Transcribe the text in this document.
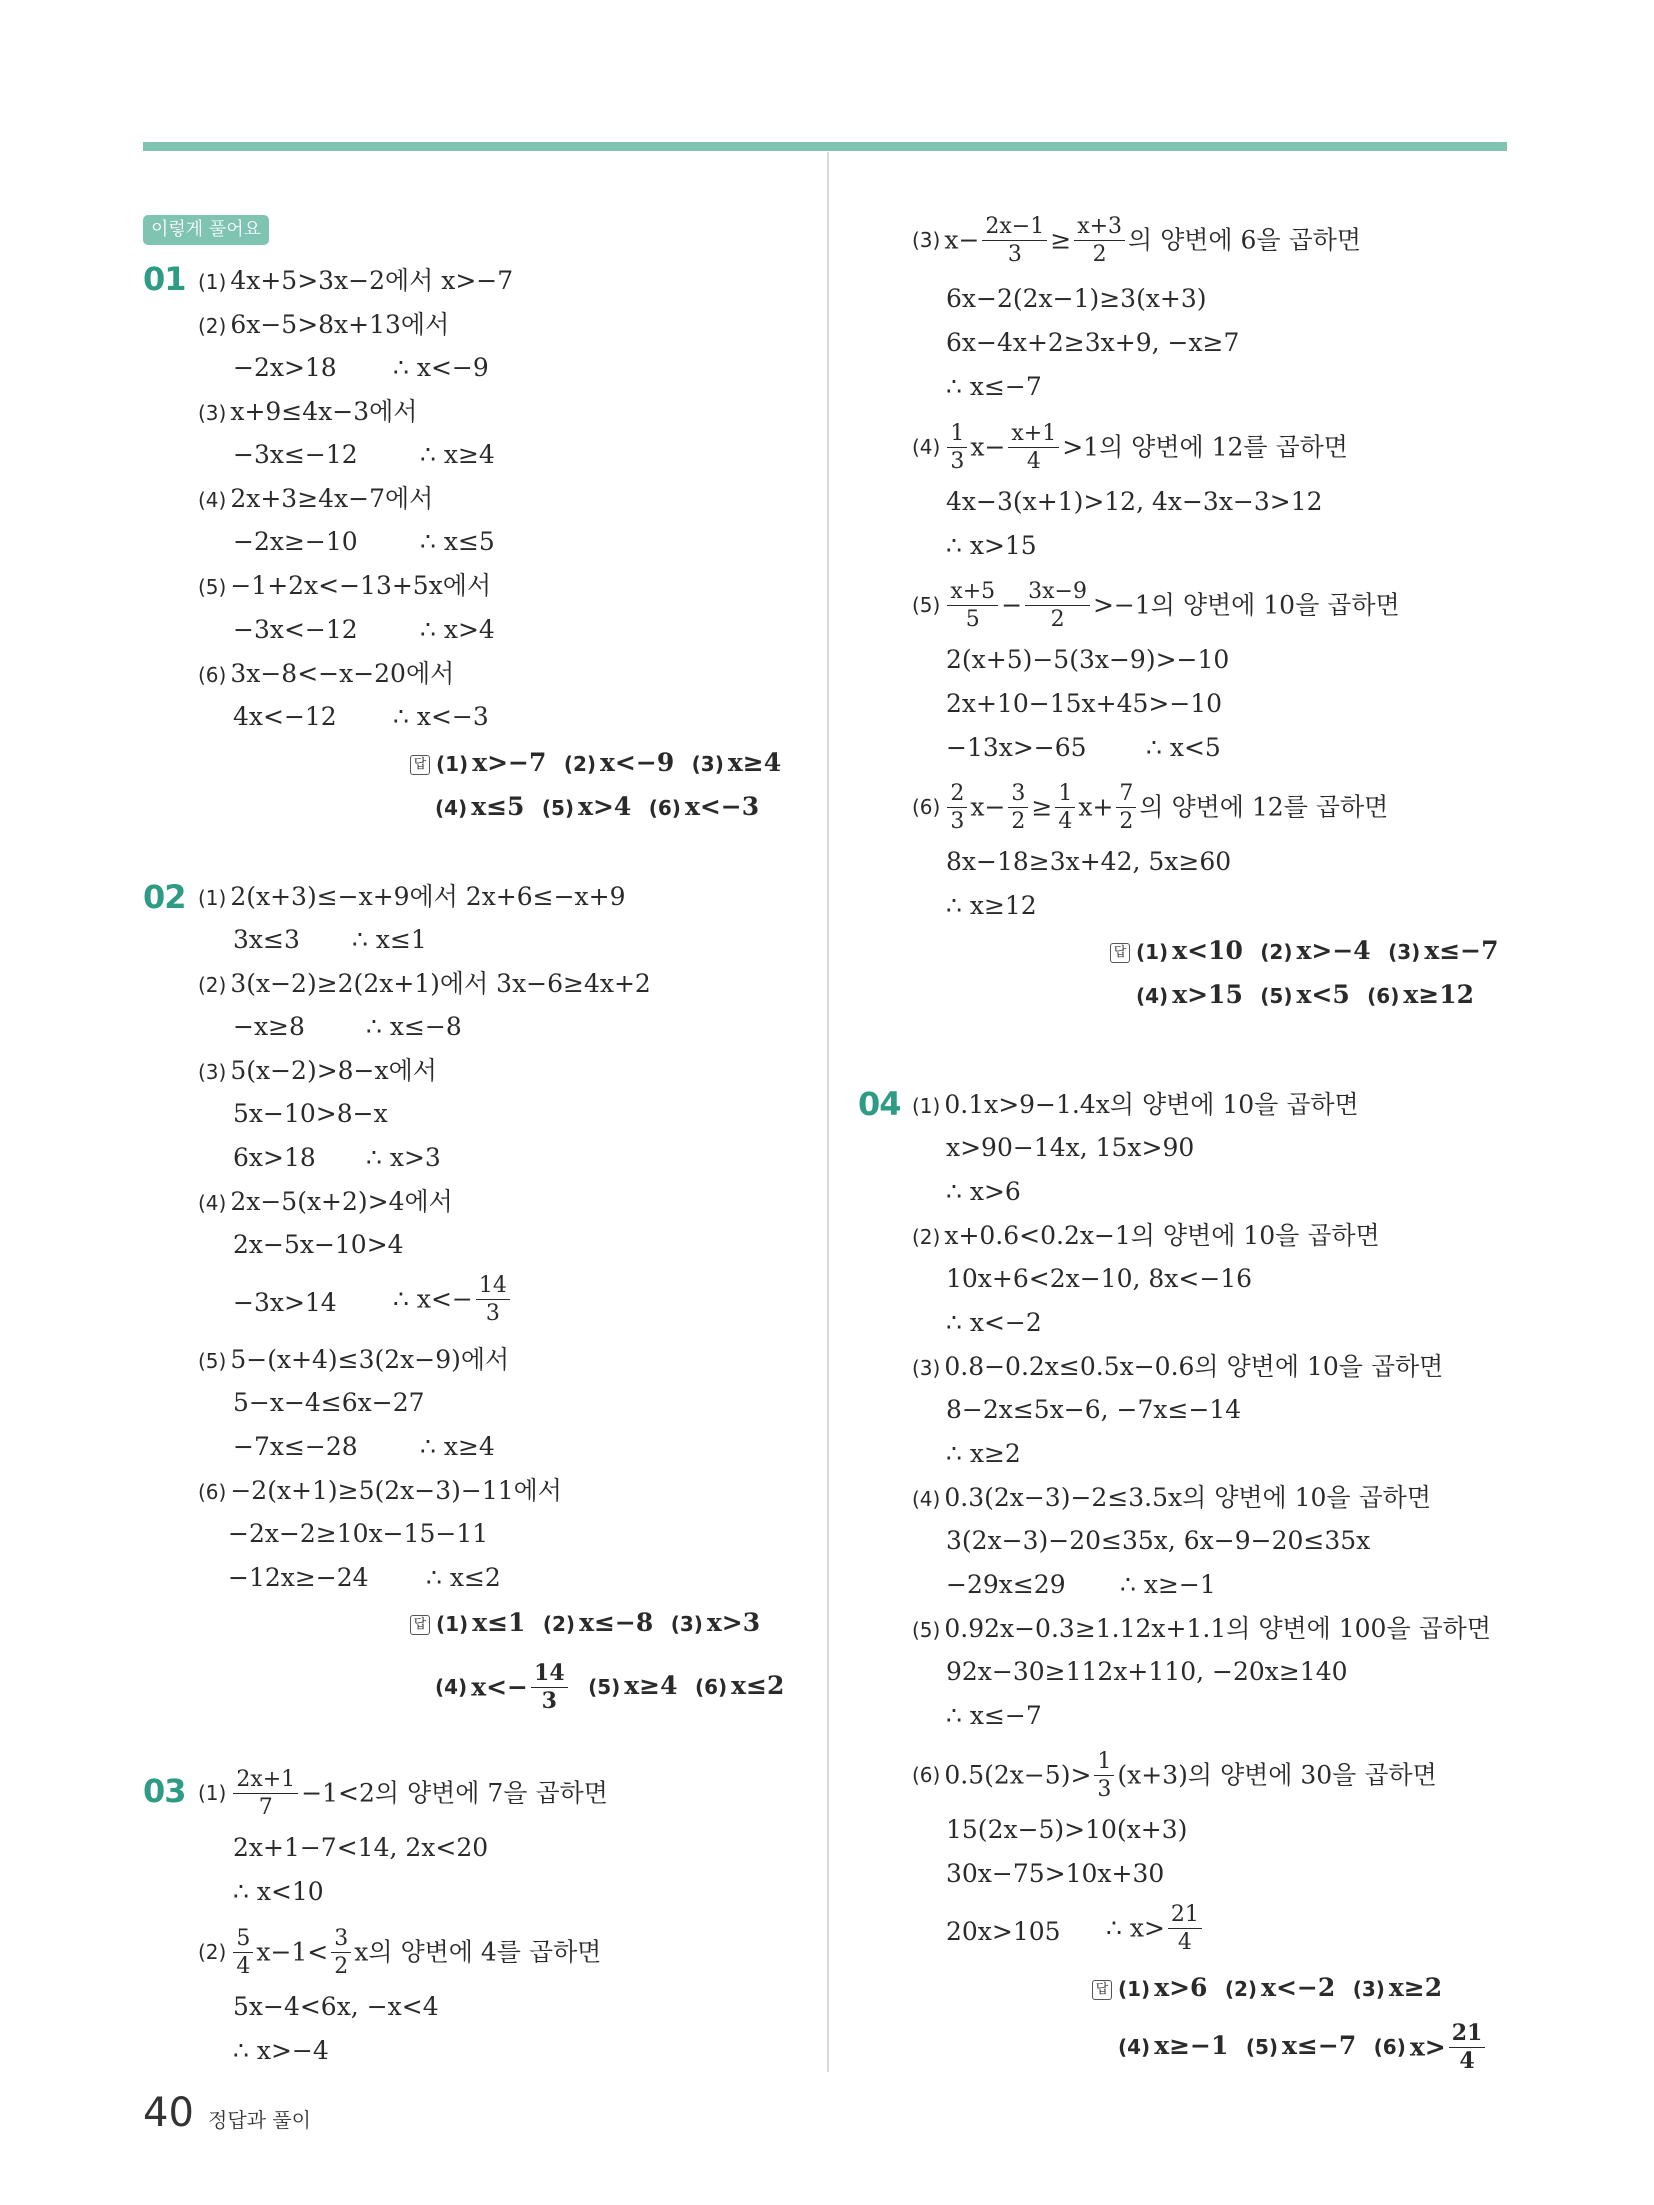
이렇게 풀어요
01 (1) 4x+5>3x−2에서 x>−7
(2) 6x−5>8x+13에서
−2x>18 ∴ x<−9
(3) x+9≤4x−3에서
−3x≤−12 ∴ x≥4
(4) 2x+3≥4x−7에서
−2x≥−10 ∴ x≤5
(5) −1+2x<−13+5x에서
−3x<−12 ∴ x>4
(6) 3x−8<−x−20에서
4x<−12 ∴ x<−3
답 (1) x>−7 (2) x<−9 (3) x≥4
(4) x≤5 (5) x>4 (6) x<−3
02 (1) 2(x+3)≤−x+9에서 2x+6≤−x+9
3x≤3 ∴ x≤1
(2) 3(x−2)≥2(2x+1)에서 3x−6≥4x+2
−x≥8 ∴ x≤−8
(3) 5(x−2)>8−x에서
5x−10>8−x
6x>18 ∴ x>3
(4) 2x−5(x+2)>4에서
2x−5x−10>4
−3x>14 ∴ $x<- \frac{14}{3}$
(5) 5−(x+4)≤3(2x−9)에서
5−x−4≤6x−27
−7x≤−28 ∴ x≥4
(6) −2(x+1)≥5(2x−3)−11에서
−2x−2≥10x−15−11
−12x≥−24 ∴ x≤2
답 (1) x≤1 (2) x≤−8 (3) x>3
(4) $x<- \frac{14}{3} (5)$ x≥4 (6) x≤2
03 $(1) \frac{2x+1}{7} -1<2$의 양변에 7을 곱하면
2x+1−7<14, 2x<20
∴ x<10
$(2) \frac{5}{4} x-1< \frac{3}{2}$ x의 양변에 4를 곱하면
5x−4<6x, −x<4
∴ x>−4
(3) $x- \frac{2x-1}{3} \ge \frac{x+3}{2}$ 의 양변에 6을 곱하면
6x−2(2x−1)≥3(x+3)
6x−4x+2≥3x+9, −x≥7
∴ x≤−7
$(4) \frac{1}{3} x- \frac{x+1}{4} >1$의 양변에 12를 곱하면
4x−3(x+1)>12, 4x−3x−3>12
∴ x>15
$(5) \frac{x+5}{5} - \frac{3x-9}{2} >-1$의 양변에 10을 곱하면
2(x+5)−5(3x−9)>−10
2x+10−15x+45>−10
−13x>−65 ∴ x<5
$(6) \frac{2}{3} x- \frac{3}{2} \ge \frac{1}{4} x+ \frac{7}{2}$ 의 양변에 12를 곱하면
8x−18≥3x+42, 5x≥60
∴ x≥12
답 (1) x<10 (2) x>−4 (3) x≤−7
(4) x>15 (5) x<5 (6) x≥12
04 (1) 0.1x>9−1.4x의 양변에 10을 곱하면
x>90−14x, 15x>90
∴ x>6
(2) x+0.6<0.2x−1의 양변에 10을 곱하면
10x+6<2x−10, 8x<−16
∴ x<−2
(3) 0.8−0.2x≤0.5x−0.6의 양변에 10을 곱하면
8−2x≤5x−6, −7x≤−14
∴ x≥2
(4) 0.3(2x−3)−2≤3.5x의 양변에 10을 곱하면
3(2x−3)−20≤35x, 6x−9−20≤35x
−29x≤29 ∴ x≥−1
(5) 0.92x−0.3≥1.12x+1.1의 양변에 100을 곱하면
92x−30≥112x+110, −20x≥140
∴ x≤−7
(6) $0.5(2x-5)> \frac{1}{3} (x+3)$의 양변에 30을 곱하면
15(2x−5)>10(x+3)
30x−75>10x+30
20x>105 ∴ $x> \frac{21}{4}$
답 (1) x>6 (2) x<−2 (3) x≥2
(4) x≥−1 (5) x≤−7 (6) $x> \frac{21}{4}$
40 정답과 풀이
